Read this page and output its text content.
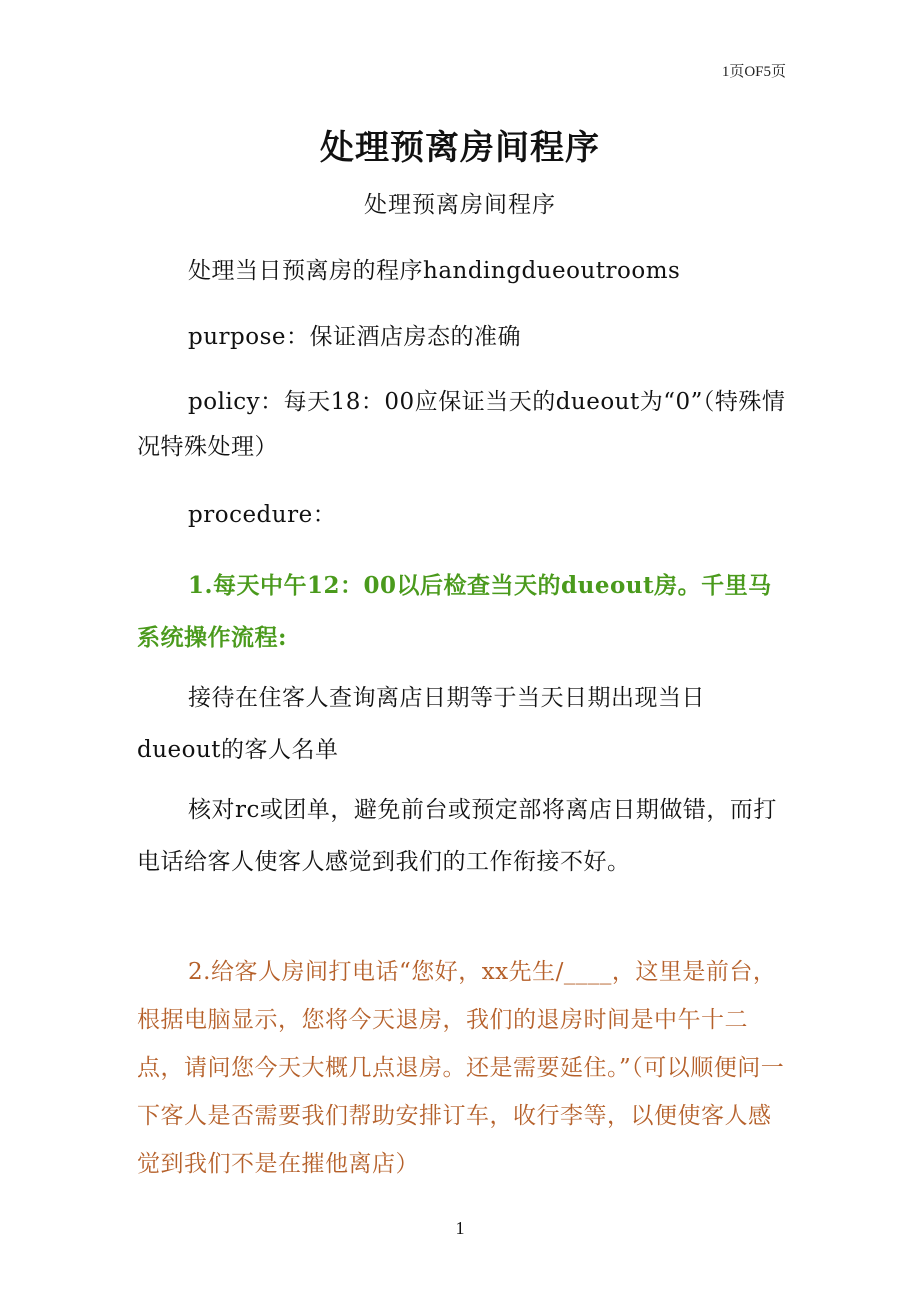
1页OF5页
处理预离房间程序
处理预离房间程序

处理当日预离房的程序handingdueoutrooms

purpose：保证酒店房态的准确

policy：每天18：00应保证当天的dueout为“0”（特殊情况特殊处理）

procedure：

1.每天中午12：00以后检查当天的dueout房。千里马系统操作流程:

接待在住客人查询离店日期等于当天日期出现当日dueout的客人名单

核对rc或团单，避免前台或预定部将离店日期做错，而打电话给客人使客人感觉到我们的工作衔接不好。

2.给客人房间打电话“您好，xx先生/____，这里是前台，根据电脑显示，您将今天退房，我们的退房时间是中午十二点，请问您今天大概几点退房。还是需要延住。”（可以顺便问一下客人是否需要我们帮助安排订车，收行李等，以便使客人感觉到我们不是在摧他离店）

1
